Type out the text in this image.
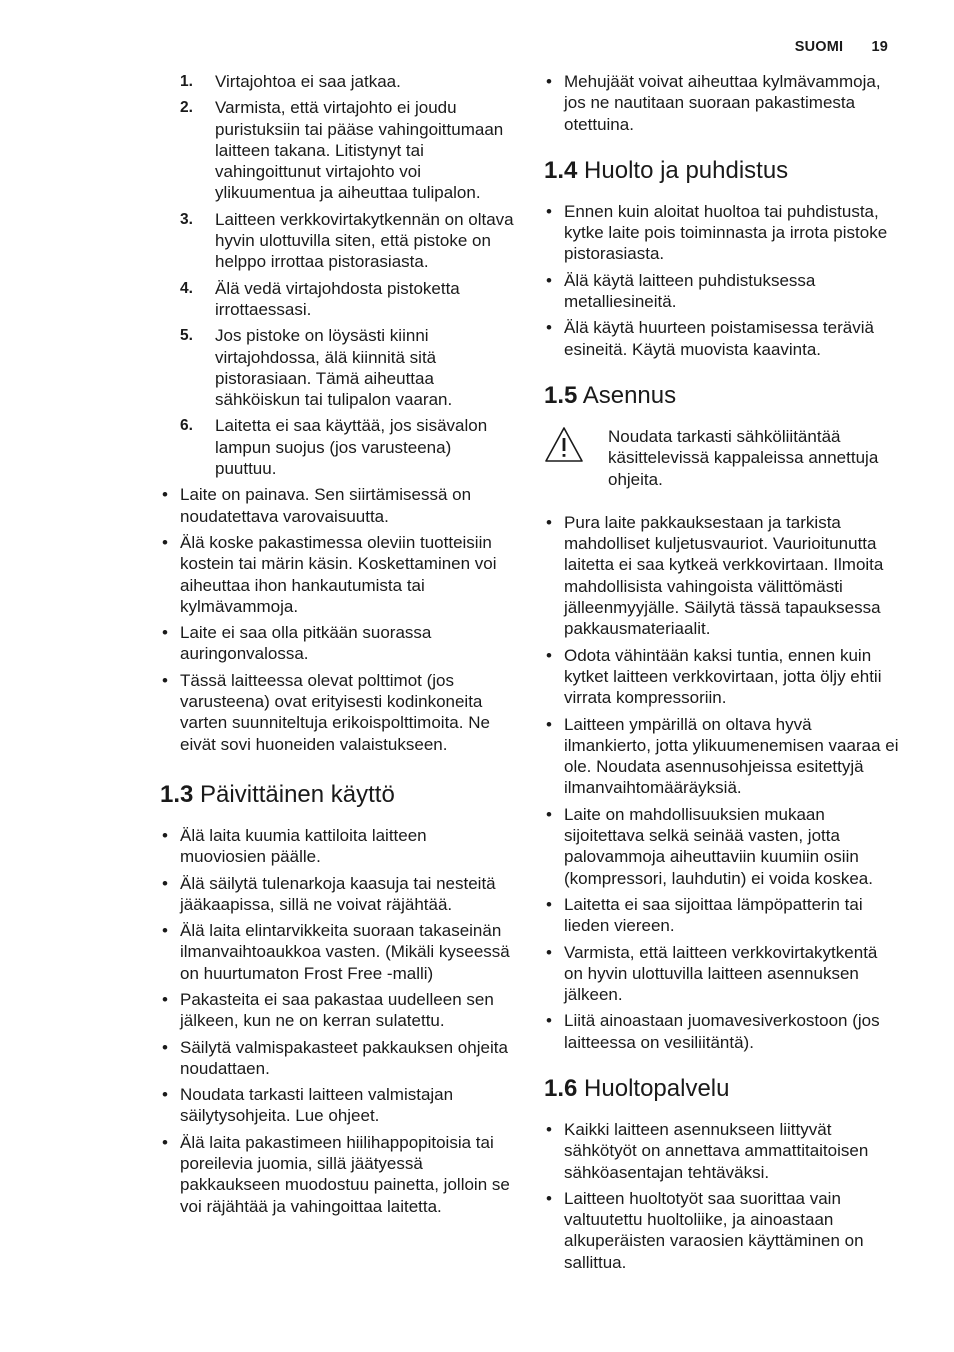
SUOMI 19
1. Virtajohtoa ei saa jatkaa.
2. Varmista, että virtajohto ei joudu puristuksiin tai pääse vahingoittumaan laitteen takana. Litistynyt tai vahingoittunut virtajohto voi ylikuumentua ja aiheuttaa tulipalon.
3. Laitteen verkkovirtakytkennän on oltava hyvin ulottuvilla siten, että pistoke on helppo irrottaa pistorasiasta.
4. Älä vedä virtajohdosta pistoketta irrottaessasi.
5. Jos pistoke on löysästi kiinni virtajohdossa, älä kiinnitä sitä pistorasiaan. Tämä aiheuttaa sähköiskun tai tulipalon vaaran.
6. Laitetta ei saa käyttää, jos sisävalon lampun suojus (jos varusteena) puuttuu.
• Laite on painava. Sen siirtämisessä on noudatettava varovaisuutta.
• Älä koske pakastimessa oleviin tuotteisiin kostein tai märin käsin. Koskettaminen voi aiheuttaa ihon hankautumista tai kylmävammoja.
• Laite ei saa olla pitkään suorassa auringonvalossa.
• Tässä laitteessa olevat polttimot (jos varusteena) ovat erityisesti kodinkoneita varten suunniteltuja erikoispolttimoita. Ne eivät sovi huoneiden valaistukseen.
1.3 Päivittäinen käyttö
• Älä laita kuumia kattiloita laitteen muoviosien päälle.
• Älä säilytä tulenarkoja kaasuja tai nesteitä jääkaapissa, sillä ne voivat räjähtää.
• Älä laita elintarvikkeita suoraan takaseinän ilmanvaihtoaukkoa vasten. (Mikäli kyseessä on huurtumaton Frost Free -malli)
• Pakasteita ei saa pakastaa uudelleen sen jälkeen, kun ne on kerran sulatettu.
• Säilytä valmispakasteet pakkauksen ohjeita noudattaen.
• Noudata tarkasti laitteen valmistajan säilytysohjeita. Lue ohjeet.
• Älä laita pakastimeen hiilihappopitoisia tai poreilevia juomia, sillä jäätyessä pakkaukseen muodostuu painetta, jolloin se voi räjähtää ja vahingoittaa laitetta.
• Mehujäät voivat aiheuttaa kylmävammoja, jos ne nautitaan suoraan pakastimesta otettuina.
1.4 Huolto ja puhdistus
• Ennen kuin aloitat huoltoa tai puhdistusta, kytke laite pois toiminnasta ja irrota pistoke pistorasiasta.
• Älä käytä laitteen puhdistuksessa metalliesineitä.
• Älä käytä huurteen poistamisessa teräviä esineitä. Käytä muovista kaavinta.
1.5 Asennus
Noudata tarkasti sähköliitäntää käsittelevissä kappaleissa annettuja ohjeita.
• Pura laite pakkauksestaan ja tarkista mahdolliset kuljetusvauriot. Vaurioitunutta laitetta ei saa kytkeä verkkovirtaan. Ilmoita mahdollisista vahingoista välittömästi jälleenmyyjälle. Säilytä tässä tapauksessa pakkausmateriaalit.
• Odota vähintään kaksi tuntia, ennen kuin kytket laitteen verkkovirtaan, jotta öljy ehtii virrata kompressoriin.
• Laitteen ympärillä on oltava hyvä ilmankierto, jotta ylikuumenemisen vaaraa ei ole. Noudata asennusohjeissa esitettyjä ilmanvaihtomääräyksiä.
• Laite on mahdollisuuksien mukaan sijoitettava selkä seinää vasten, jotta palovammoja aiheuttaviin kuumiin osiin (kompressori, lauhdutin) ei voida koskea.
• Laitetta ei saa sijoittaa lämpöpatterin tai lieden viereen.
• Varmista, että laitteen verkkovirtakytkentä on hyvin ulottuvilla laitteen asennuksen jälkeen.
• Liitä ainoastaan juomavesiverkostoon (jos laitteessa on vesiliitäntä).
1.6 Huoltopalvelu
• Kaikki laitteen asennukseen liittyvät sähkötyöt on annettava ammattitaitoisen sähköasentajan tehtäväksi.
• Laitteen huoltotyöt saa suorittaa vain valtuutettu huoltoliike, ja ainoastaan alkuperäisten varaosien käyttäminen on sallittua.
